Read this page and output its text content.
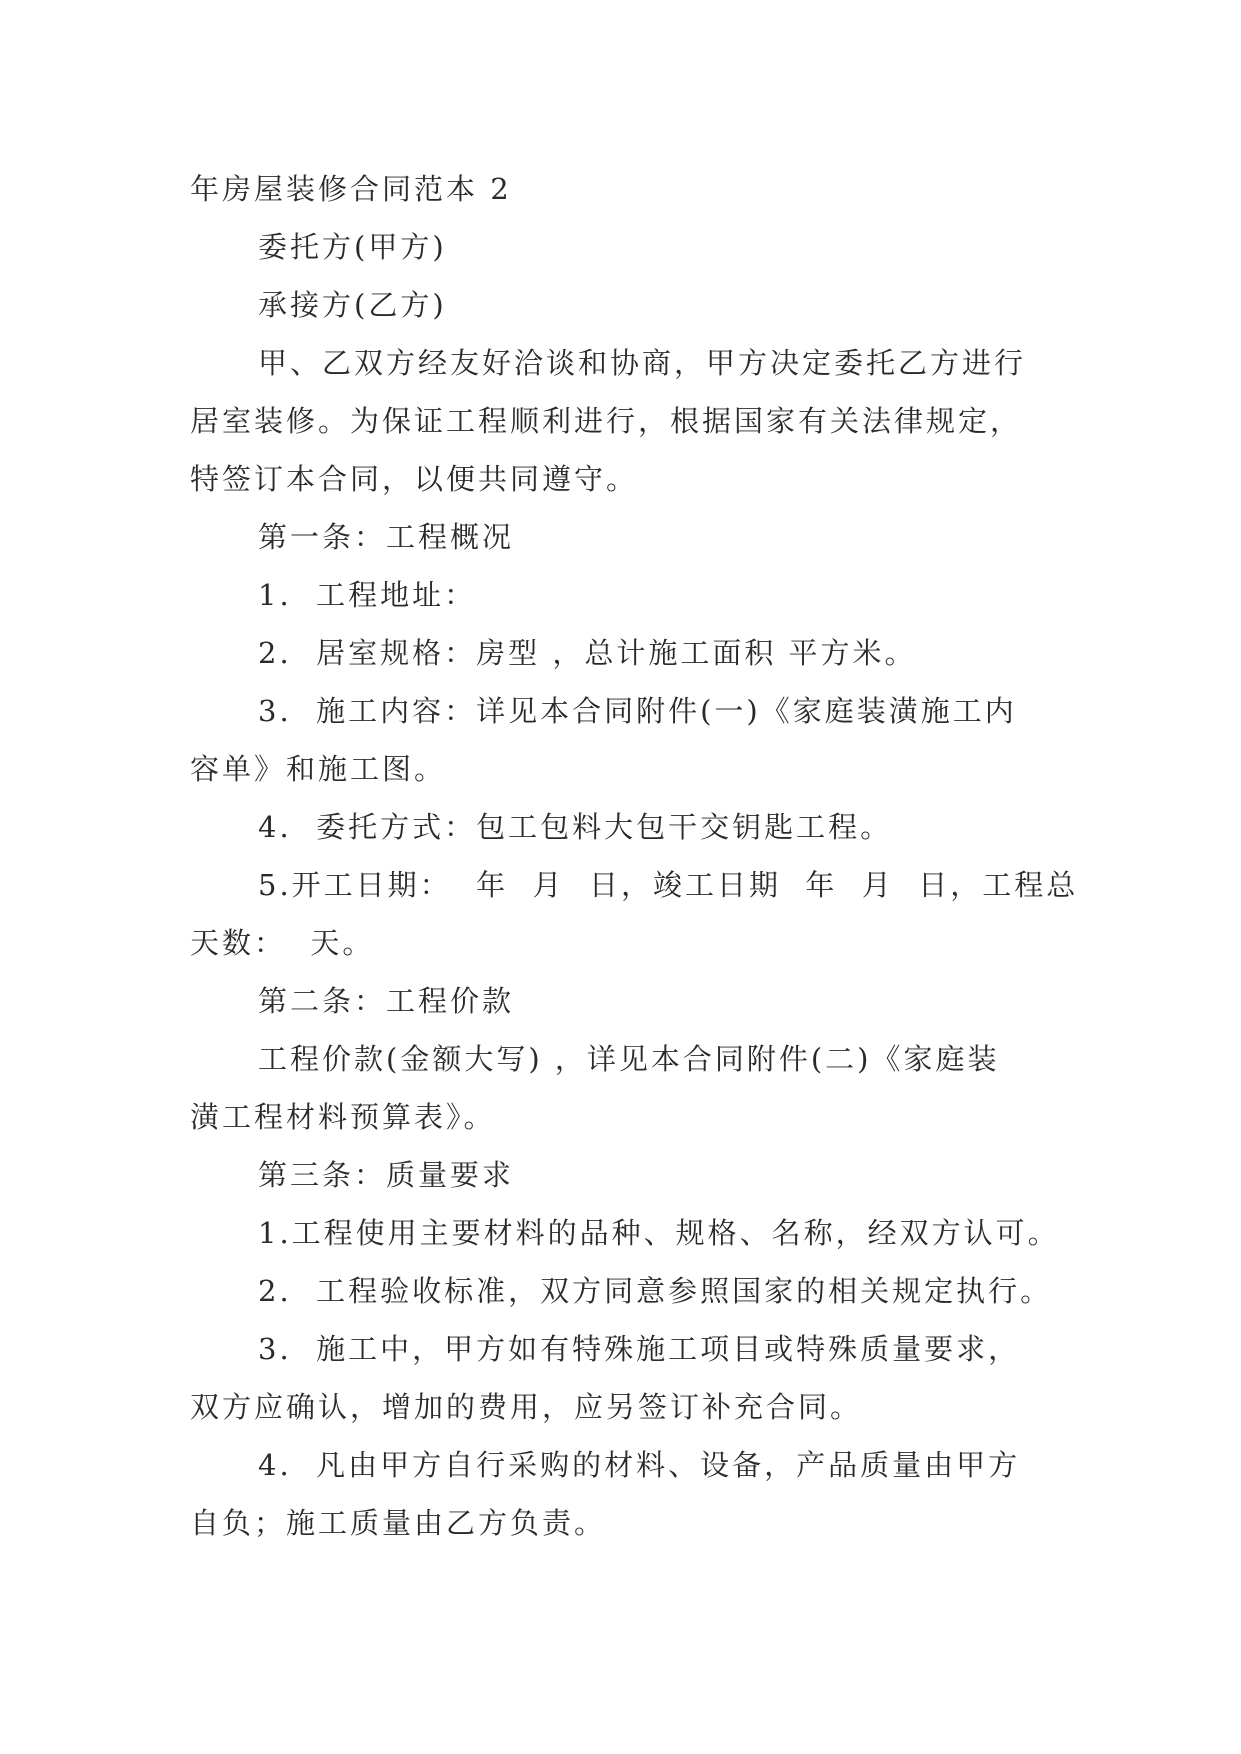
年房屋装修合同范本 2
委托方(甲方)
承接方(乙方)
甲、乙双方经友好洽谈和协商，甲方决定委托乙方进行
居室装修。为保证工程顺利进行，根据国家有关法律规定，
特签订本合同，以便共同遵守。
第一条：工程概况
1.  工程地址：
2.  居室规格：房型 ，总计施工面积 平方米。
3.  施工内容：详见本合同附件(一)《家庭装潢施工内
容单》和施工图。
4.  委托方式：包工包料大包干交钥匙工程。
5.开工日期：  年  月  日，竣工日期  年  月  日，工程总
天数：  天。
第二条：工程价款
工程价款(金额大写) ，详见本合同附件(二)《家庭装
潢工程材料预算表》。
第三条：质量要求
1.工程使用主要材料的品种、规格、名称，经双方认可。
2.  工程验收标准，双方同意参照国家的相关规定执行。
3.  施工中，甲方如有特殊施工项目或特殊质量要求，
双方应确认，增加的费用，应另签订补充合同。
4.  凡由甲方自行采购的材料、设备，产品质量由甲方
自负；施工质量由乙方负责。
